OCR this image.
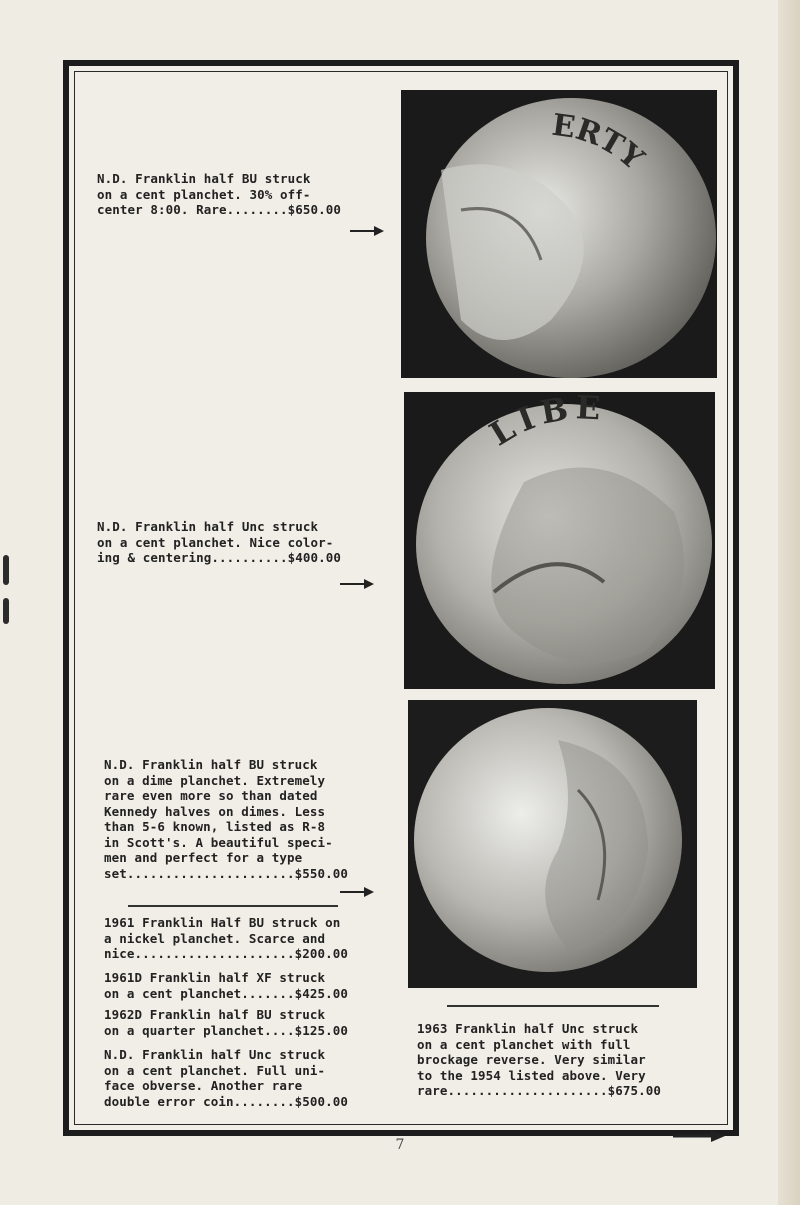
ERTY
LIBE

N.D. Franklin half BU struck
on a cent planchet. 30% off-
center 8:00. Rare........$650.00

N.D. Franklin half Unc struck
on a cent planchet. Nice color-
ing & centering..........$400.00

N.D. Franklin half BU struck
on a dime planchet. Extremely
rare even more so than dated
Kennedy halves on dimes. Less
than 5-6 known, listed as R-8
in Scott's. A beautiful speci-
men and perfect for a type
set......................$550.00

1961 Franklin Half BU struck on
a nickel planchet. Scarce and
nice.....................$200.00

1961D Franklin half XF struck
on a cent planchet.......$425.00

1962D Franklin half BU struck
on a quarter planchet....$125.00

N.D. Franklin half Unc struck
on a cent planchet. Full uni-
face obverse. Another rare
double error coin........$500.00

1963 Franklin half Unc struck
on a cent planchet with full
brockage reverse. Very similar
to the 1954 listed above. Very
rare.....................$675.00

7
